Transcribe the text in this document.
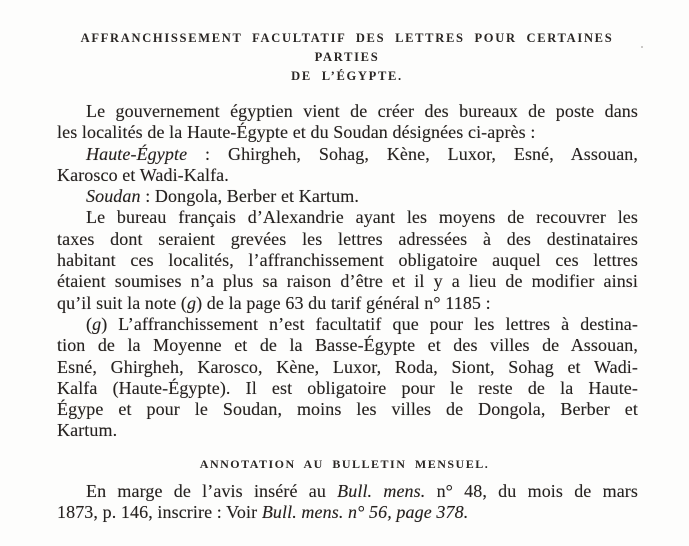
AFFRANCHISSEMENT FACULTATIF DES LETTRES POUR CERTAINES PARTIES
DE L’ÉGYPTE.

Le gouvernement égyptien vient de créer des bureaux de poste dans
les localités de la Haute-Égypte et du Soudan désignées ci-après :

Haute-Égypte : Ghirgheh, Sohag, Kène, Luxor, Esné, Assouan,
Karosco et Wadi-Kalfa.

Soudan : Dongola, Berber et Kartum.

Le bureau français d’Alexandrie ayant les moyens de recouvrer les
taxes dont seraient grevées les lettres adressées à des destinataires
habitant ces localités, l’affranchissement obligatoire auquel ces lettres
étaient soumises n’a plus sa raison d’être et il y a lieu de modifier ainsi
qu’il suit la note (g) de la page 63 du tarif général n° 1185 :

(g) L’affranchissement n’est facultatif que pour les lettres à destina-
tion de la Moyenne et de la Basse-Égypte et des villes de Assouan,
Esné, Ghirgheh, Karosco, Kène, Luxor, Roda, Siont, Sohag et Wadi-
Kalfa (Haute-Égypte). Il est obligatoire pour le reste de la Haute-
Égype et pour le Soudan, moins les villes de Dongola, Berber et
Kartum.

ANNOTATION AU BULLETIN MENSUEL.

En marge de l’avis inséré au Bull. mens. n° 48, du mois de mars
1873, p. 146, inscrire : Voir Bull. mens. n° 56, page 378.
